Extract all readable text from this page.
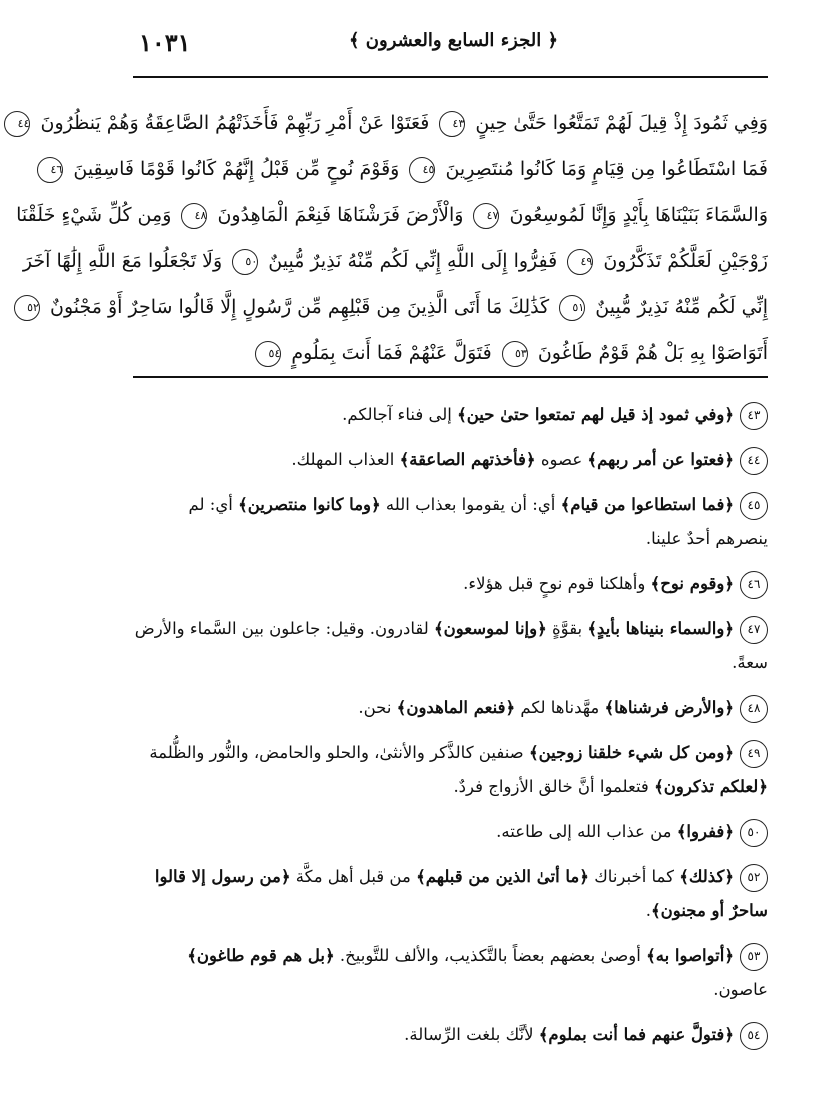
١٠٣١	﴿ الجزء السابع والعشرون ﴾
وَفِي ثَمُودَ إِذْ قِيلَ لَهُمْ تَمَتَّعُوا حَتَّىٰ حِينٍ ٤٣ فَعَتَوْا عَنْ أَمْرِ رَبِّهِمْ فَأَخَذَتْهُمُ الصَّاعِقَةُ وَهُمْ يَنظُرُونَ ٤٤
فَمَا اسْتَطَاعُوا مِن قِيَامٍ وَمَا كَانُوا مُنتَصِرِينَ ٤٥ وَقَوْمَ نُوحٍ مِّن قَبْلُ إِنَّهُمْ كَانُوا قَوْمًا فَاسِقِينَ ٤٦
وَالسَّمَاءَ بَنَيْنَاهَا بِأَيْدٍ وَإِنَّا لَمُوسِعُونَ ٤٧ وَالْأَرْضَ فَرَشْنَاهَا فَنِعْمَ الْمَاهِدُونَ ٤٨ وَمِن كُلِّ شَيْءٍ خَلَقْنَا
زَوْجَيْنِ لَعَلَّكُمْ تَذَكَّرُونَ ٤٩ فَفِرُّوا إِلَى اللَّهِ إِنِّي لَكُم مِّنْهُ نَذِيرٌ مُّبِينٌ ٥٠ وَلَا تَجْعَلُوا مَعَ اللَّهِ إِلَٰهًا آخَرَ
إِنِّي لَكُم مِّنْهُ نَذِيرٌ مُّبِينٌ ٥١ كَذَٰلِكَ مَا أَتَى الَّذِينَ مِن قَبْلِهِم مِّن رَّسُولٍ إِلَّا قَالُوا سَاحِرٌ أَوْ مَجْنُونٌ ٥٢
أَتَوَاصَوْا بِهِ بَلْ هُمْ قَوْمٌ طَاغُونَ ٥٣ فَتَوَلَّ عَنْهُمْ فَمَا أَنتَ بِمَلُومٍ ٥٤
٤٣﴿وفي ثمود إذ قيل لهم تمتعوا حتىٰ حين﴾ إلى فناء آجالكم.
٤٤﴿فعتوا عن أمر ربهم﴾ عصوه ﴿فأخذتهم الصاعقة﴾ العذاب المهلك.
٤٥﴿فما استطاعوا من قيام﴾ أي: أن يقوموا بعذاب الله ﴿وما كانوا منتصرين﴾ أي: لم ينصرهم أحدٌ علينا.
٤٦﴿وقوم نوح﴾ وأهلكنا قوم نوحٍ قبل هؤلاء.
٤٧﴿والسماء بنيناها بأيدٍ﴾ بقوَّةٍ ﴿وإنا لموسعون﴾ لقادرون. وقيل: جاعلون بين السَّماء والأرض سعةً.
٤٨﴿والأرض فرشناها﴾ مهَّدناها لكم ﴿فنعم الماهدون﴾ نحن.
٤٩﴿ومن كل شيء خلقنا زوجين﴾ صنفين كالذَّكر والأنثىٰ، والحلو والحامض، والنُّور والظُّلمة ﴿لعلكم تذكرون﴾ فتعلموا أنَّ خالق الأزواج فردٌ.
٥٠﴿ففروا﴾ من عذاب الله إلى طاعته.
٥٢﴿كذلك﴾ كما أخبرناك ﴿ما أتىٰ الذين من قبلهم﴾ من قبل أهل مكَّة ﴿من رسول إلا قالوا ساحرٌ أو مجنون﴾.
٥٣﴿أتواصوا به﴾ أوصىٰ بعضهم بعضاً بالتَّكذيب، والألف للتَّوبيخ. ﴿بل هم قوم طاغون﴾ عاصون.
٥٤﴿فتولَّ عنهم فما أنت بملوم﴾ لأنَّك بلغت الرِّسالة.
